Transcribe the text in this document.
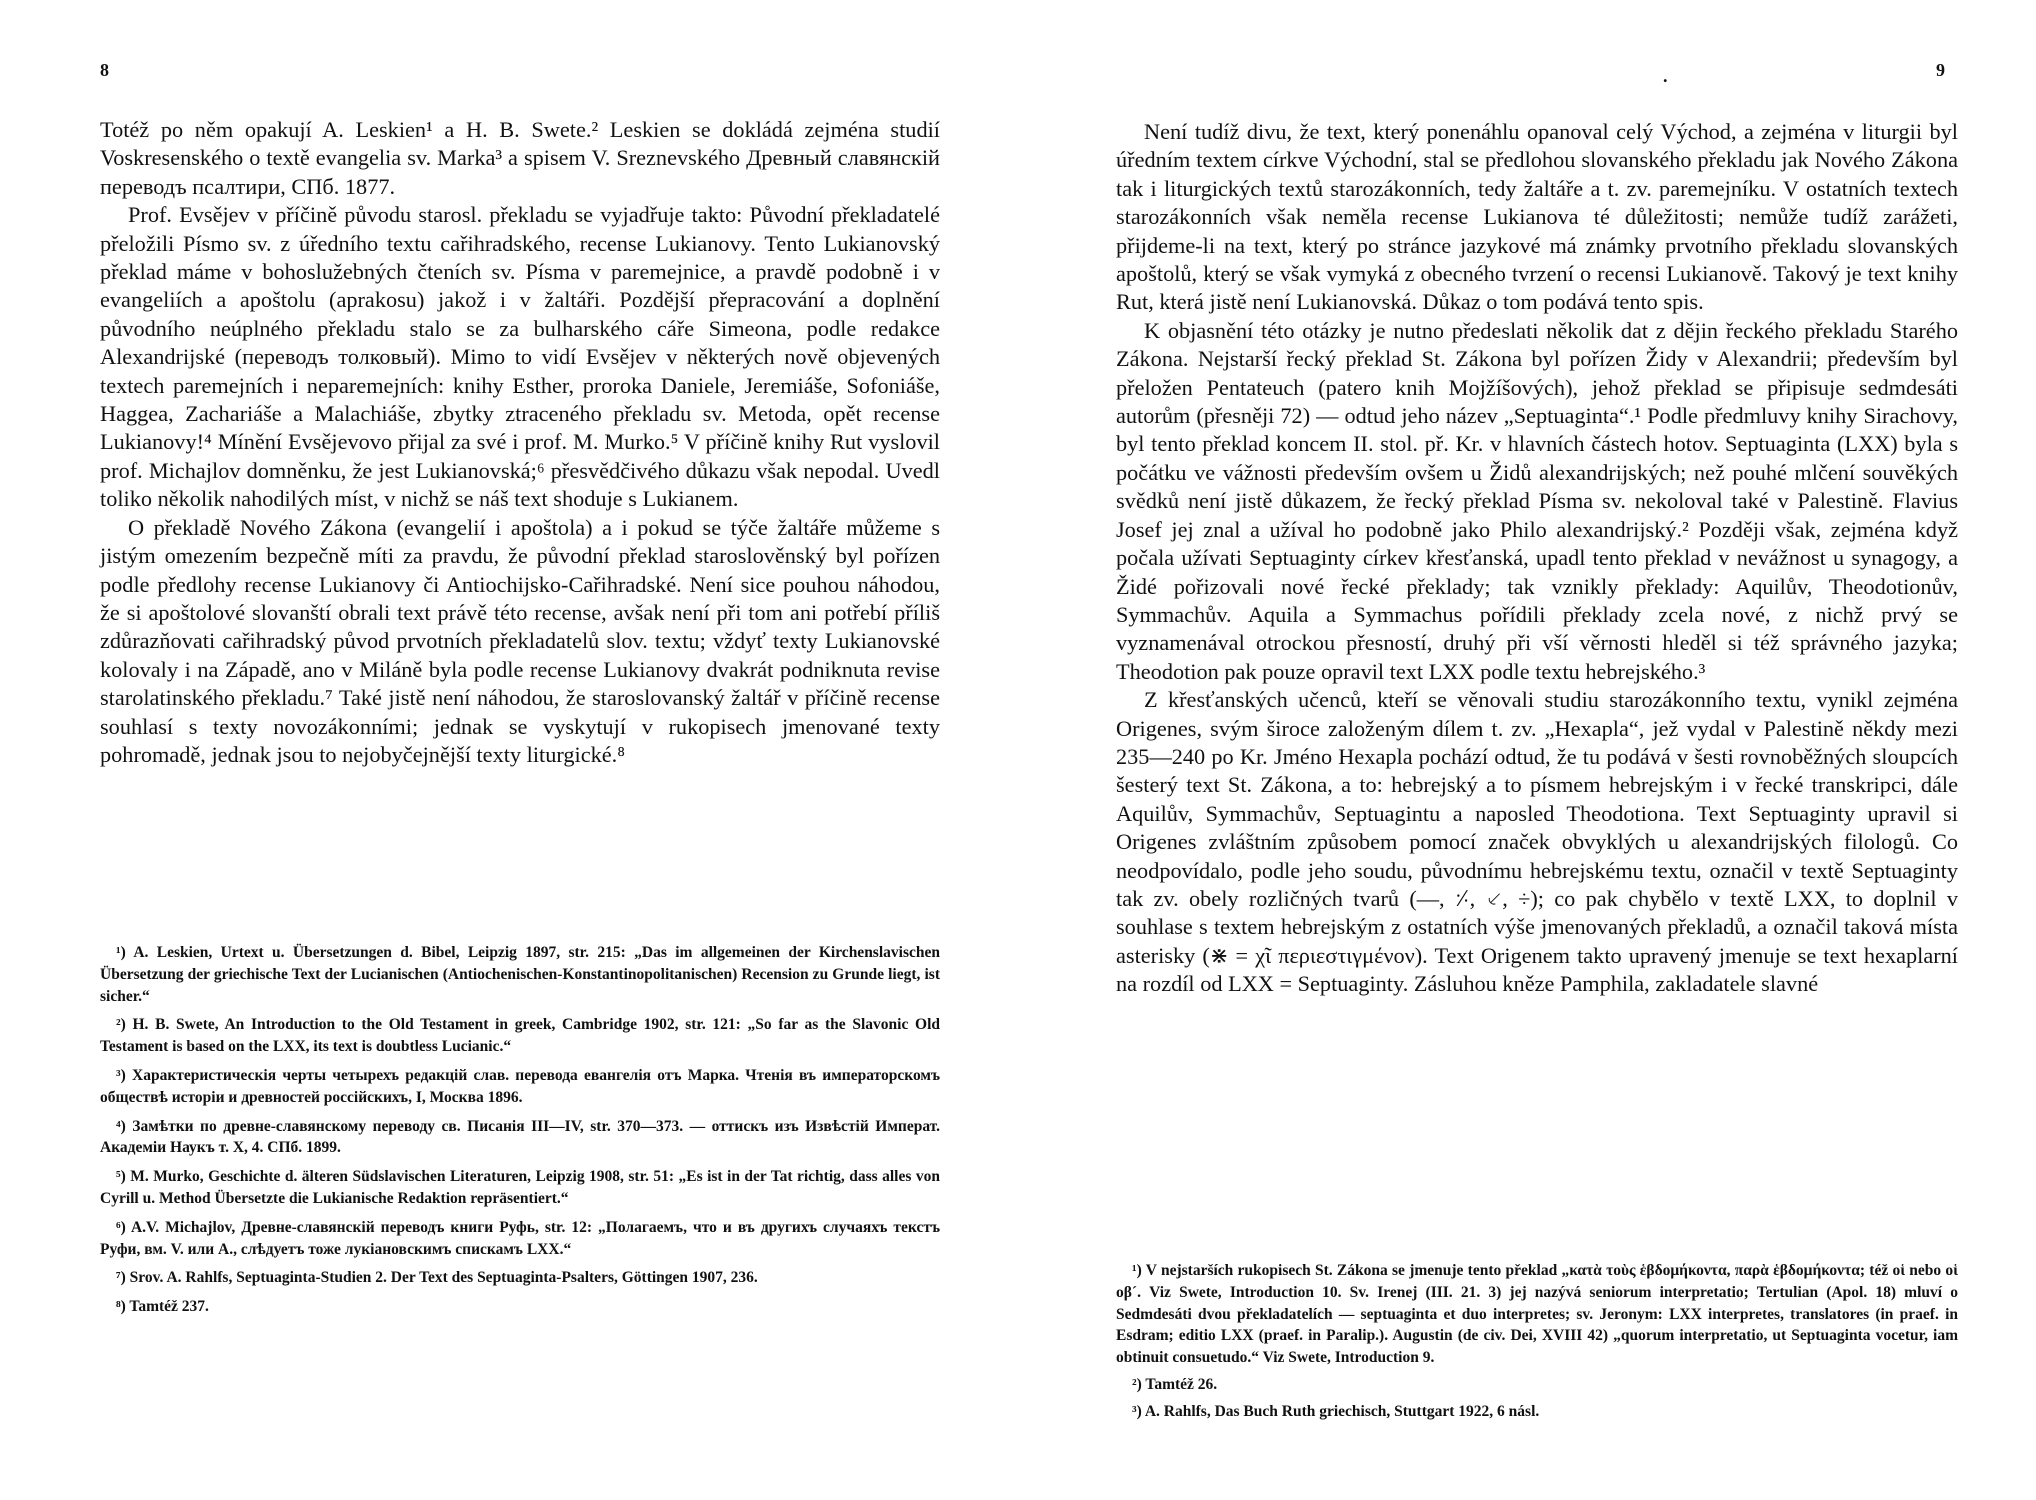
8

Totéž po něm opakují A. Leskien¹ a H. B. Swete.² Leskien se dokládá zejména studií Voskresenského o textě evangelia sv. Marka³ a spisem V. Sreznevského Древный славянскій переводъ псалтири, СПб. 1877.

Prof. Evsějev v příčině původu starosl. překladu se vyjadřuje takto: Původní překladatelé přeložili Písmo sv. z úředního textu cařihradského, recense Lukianovy. Tento Lukianovský překlad máme v bohoslužebných čteních sv. Písma v paremejnice, a pravdě podobně i v evangeliích a apoštolu (aprakosu) jakož i v žaltáři. Pozdější přepracování a doplnění původního neúplného překladu stalo se za bulharského cáře Simeona, podle redakce Alexandrijské (переводъ толковый). Mimo to vidí Evsějev v některých nově objevených textech paremejních i neparemejních: knihy Esther, proroka Daniele, Jeremiáše, Sofoniáše, Haggea, Zachariáše a Malachiáše, zbytky ztraceného překladu sv. Metoda, opět recense Lukianovy!⁴ Mínění Evsějevovo přijal za své i prof. M. Murko.⁵ V příčině knihy Rut vyslovil prof. Michajlov domněnku, že jest Lukianovská;⁶ přesvědčivého důkazu však nepodal. Uvedl toliko několik nahodilých míst, v nichž se náš text shoduje s Lukianem.

O překladě Nového Zákona (evangelií i apoštola) a i pokud se týče žaltáře můžeme s jistým omezením bezpečně míti za pravdu, že původní překlad staroslověnský byl pořízen podle předlohy recense Lukianovy či Antiochijsko-Cařihradské. Není sice pouhou náhodou, že si apoštolové slovanští obrali text právě této recense, avšak není při tom ani potřebí příliš zdůrazňovati cařihradský původ prvotních překladatelů slov. textu; vždyť texty Lukianovské kolovaly i na Západě, ano v Miláně byla podle recense Lukianovy dvakrát podniknuta revise starolatinského překladu.⁷ Také jistě není náhodou, že staroslovanský žaltář v příčině recense souhlasí s texty novozákonními; jednak se vyskytují v rukopisech jmenované texty pohromadě, jednak jsou to nejobyčejnější texty liturgické.⁸

¹) A. Leskien, Urtext u. Übersetzungen d. Bibel, Leipzig 1897, str. 215: „Das im allgemeinen der Kirchenslavischen Übersetzung der griechische Text der Lucianischen (Antiochenischen-Konstantinopolitanischen) Recension zu Grunde liegt, ist sicher.“

²) H. B. Swete, An Introduction to the Old Testament in greek, Cambridge 1902, str. 121: „So far as the Slavonic Old Testament is based on the LXX, its text is doubtless Lucianic.“

³) Характеристическія черты четырехъ редакцій слав. перевода евангелія отъ Марка. Чтенія въ императорскомъ обществѣ исторіи и древностей россійскихъ, I, Москва 1896.

⁴) Замѣтки по древне-славянскому переводу св. Писанія III—IV, str. 370—373. — оттискъ изъ Извѣстій Императ. Академіи Наукъ т. X, 4. СПб. 1899.

⁵) M. Murko, Geschichte d. älteren Südslavischen Literaturen, Leipzig 1908, str. 51: „Es ist in der Tat richtig, dass alles von Cyrill u. Method Übersetzte die Lukianische Redaktion repräsentiert.“

⁶) A.V. Michajlov, Древне-славянскій переводъ книги Руфь, str. 12: „Полагаемъ, что и въ другихъ случаяхъ текстъ Руфи, вм. V. или A., слѣдуетъ тоже лукіановскимъ спискамъ LXX.“

⁷) Srov. A. Rahlfs, Septuaginta-Studien 2. Der Text des Septuaginta-Psalters, Göttingen 1907, 236.

⁸) Tamtéž 237.

.	9

Není tudíž divu, že text, který ponenáhlu opanoval celý Východ, a zejména v liturgii byl úředním textem církve Východní, stal se předlohou slovanského překladu jak Nového Zákona tak i liturgických textů starozákonních, tedy žaltáře a t. zv. paremejníku. V ostatních textech starozákonních však neměla recense Lukianova té důležitosti; nemůže tudíž zarážeti, přijdeme-li na text, který po stránce jazykové má známky prvotního překladu slovanských apoštolů, který se však vymyká z obecného tvrzení o recensi Lukianově. Takový je text knihy Rut, která jistě není Lukianovská. Důkaz o tom podává tento spis.

K objasnění této otázky je nutno předeslati několik dat z dějin řeckého překladu Starého Zákona. Nejstarší řecký překlad St. Zákona byl pořízen Židy v Alexandrii; především byl přeložen Pentateuch (patero knih Mojžíšových), jehož překlad se připisuje sedmdesáti autorům (přesněji 72) — odtud jeho název „Septuaginta“.¹ Podle předmluvy knihy Sirachovy, byl tento překlad koncem II. stol. př. Kr. v hlavních částech hotov. Septuaginta (LXX) byla s počátku ve vážnosti především ovšem u Židů alexandrijských; než pouhé mlčení souvěkých svědků není jistě důkazem, že řecký překlad Písma sv. nekoloval také v Palestině. Flavius Josef jej znal a užíval ho podobně jako Philo alexandrijský.² Později však, zejména když počala užívati Septuaginty církev křesťanská, upadl tento překlad v nevážnost u synagogy, a Židé pořizovali nové řecké překlady; tak vznikly překlady: Aquilův, Theodotionův, Symmachův. Aquila a Symmachus pořídili překlady zcela nové, z nichž prvý se vyznamenával otrockou přesností, druhý při vší věrnosti hleděl si též správného jazyka; Theodotion pak pouze opravil text LXX podle textu hebrejského.³

Z křesťanských učenců, kteří se věnovali studiu starozákonního textu, vynikl zejména Origenes, svým široce založeným dílem t. zv. „Hexapla“, jež vydal v Palestině někdy mezi 235—240 po Kr. Jméno Hexapla pochází odtud, že tu podává v šesti rovnoběžných sloupcích šesterý text St. Zákona, a to: hebrejský a to písmem hebrejským i v řecké transkripci, dále Aquilův, Symmachův, Septuagintu a naposled Theodotiona. Text Septuaginty upravil si Origenes zvláštním způsobem pomocí značek obvyklých u alexandrijských filologů. Co neodpovídalo, podle jeho soudu, původnímu hebrejskému textu, označil v textě Septuaginty tak zv. obely rozličných tvarů (—, ⸓, ⸔, ÷); co pak chybělo v textě LXX, to doplnil v souhlase s textem hebrejským z ostatních výše jmenovaných překladů, a označil taková místa asterisky (⋇ = χῖ περιεστιγμένον). Text Origenem takto upravený jmenuje se text hexaplarní na rozdíl od LXX = Septuaginty. Zásluhou kněze Pamphila, zakladatele slavné

¹) V nejstarších rukopisech St. Zákona se jmenuje tento překlad „κατὰ τοὺς ἑβδομήκοντα, παρὰ ἑβδομήκοντα; též οἱ nebo οἱ οβ´. Viz Swete, Introduction 10. Sv. Irenej (III. 21. 3) jej nazývá seniorum interpretatio; Tertulian (Apol. 18) mluví o Sedmdesáti dvou překladatelích — septuaginta et duo interpretes; sv. Jeronym: LXX interpretes, translatores (in praef. in Esdram; editio LXX (praef. in Paralip.). Augustin (de civ. Dei, XVIII 42) „quorum interpretatio, ut Septuaginta vocetur, iam obtinuit consuetudo.“ Viz Swete, Introduction 9.

²) Tamtéž 26.

³) A. Rahlfs, Das Buch Ruth griechisch, Stuttgart 1922, 6 násl.
